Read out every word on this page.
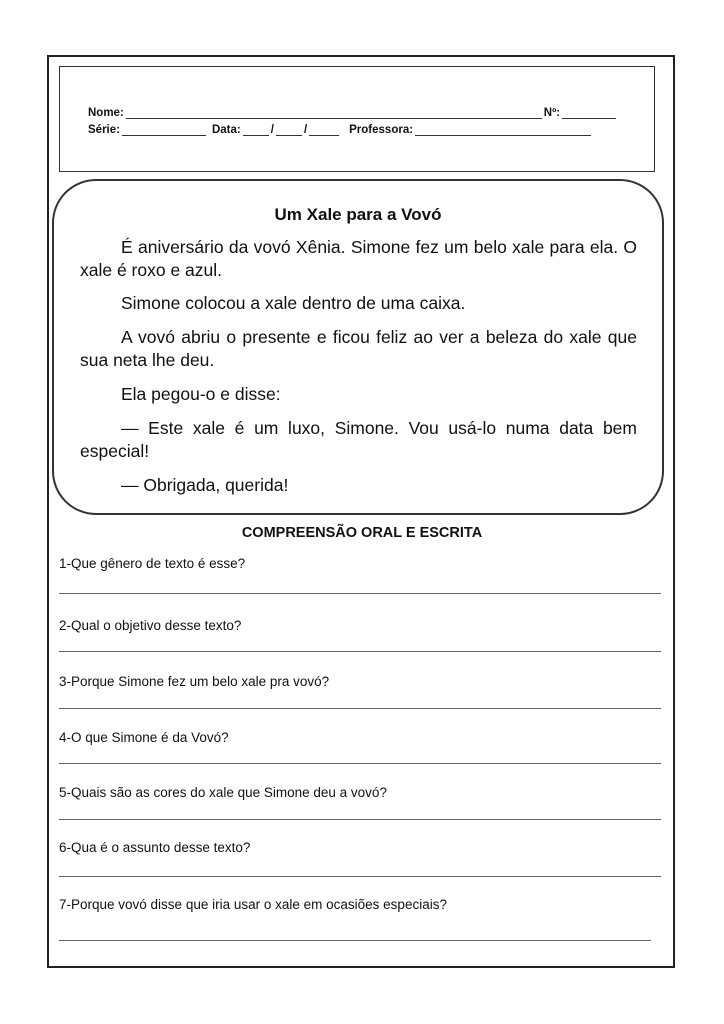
Nome:	Nº:
Série:	Data:	/	/	Professora:
Um Xale para a Vovó
É aniversário da vovó Xênia. Simone fez um belo xale para ela. O xale é roxo e azul.
Simone colocou a xale dentro de uma caixa.
A vovó abriu o presente e ficou feliz ao ver a beleza do xale que sua neta lhe deu.
Ela pegou-o e disse:
— Este xale é um luxo, Simone. Vou usá-lo numa data bem especial!
— Obrigada, querida!
COMPREENSÃO ORAL E ESCRITA
1-Que gênero de texto é esse?
2-Qual o objetivo desse texto?
3-Porque Simone fez um belo xale pra vovó?
4-O que Simone é da Vovó?
5-Quais são as cores do xale que Simone deu a vovó?
6-Qua é o assunto desse texto?
7-Porque vovó disse que iria usar o xale em ocasiões especiais?
